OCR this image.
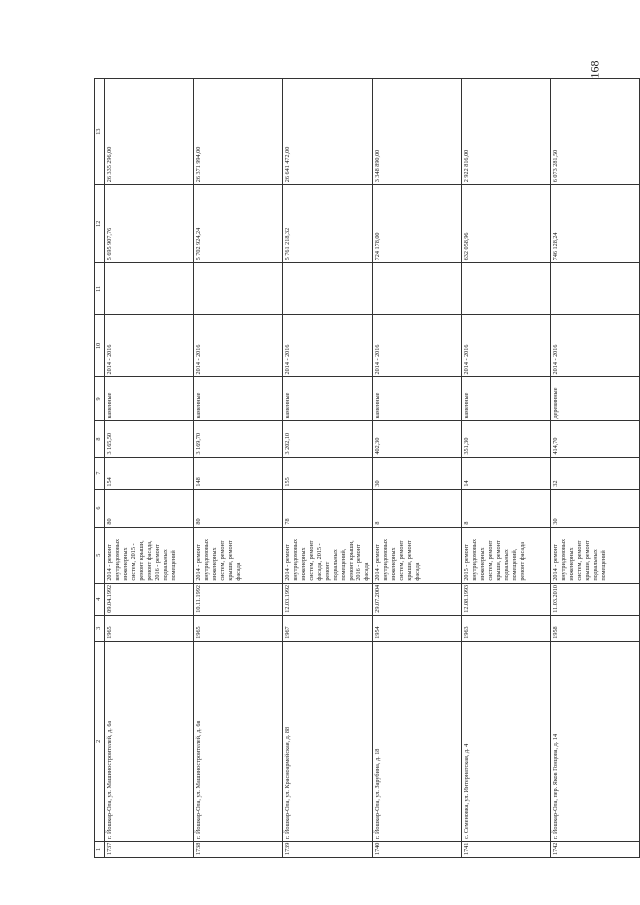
168
1	2	3	4	5	6	7	8	9	10	11	12	13
1737	г. Йошкар-Ола, ул. Машиностроителей, д. 6а	1965	09.04.1992	2014 - ремонт внутридомовых инженерных систем, 2015 - ремонт крыши, ремонт фасада, 2016 - ремонт подвальных помещений	80	154	3 165,50	каменные	2014 - 2016		5 695 907,76	26 335 296,00
1738	г. Йошкар-Ола, ул. Машиностроителей, д. 6в	1965	10.11.1992	2014 - ремонт внутридомовых инженерных систем, ремонт крыши, ремонт фасада	80	148	3 169,70	каменные	2014 - 2016		5 702 924,24	26 371 994,00
1739	г. Йошкар-Ола, ул. Красноармейская, д. 88	1967	12.03.1992	2014 - ремонт внутридомовых инженерных систем, ремонт фасада, 2015 - ремонт подвальных помещений, ремонт крыши, 2016 - ремонт фасада	78	155	3 202,10	каменные	2014 - 2016		5 761 218,32	26 641 472,00
1740	г. Йошкар-Ола, ул. Зарубина, д. 18	1954	29.07.2004	2014 - ремонт внутридомовых инженерных систем, ремонт крыши, ремонт фасада	8	30	402,30	каменные	2014 - 2016		724 178,00	3 348 890,00
1741	с. Семеновка, ул. Интернатская, д. 4	1963	12.08.1993	2015 - ремонт внутридомовых инженерных систем, ремонт крыши, ремонт подвальных помещений, ремонт фасада	8	14	351,30	каменные	2014 - 2016		632 058,96	2 922 816,00
1742	г. Йошкар-Ола, пер. Яков Гонцова, д. 14	1958	11.03.2010	2014 - ремонт внутридомовых инженерных систем, ремонт крыши, ремонт подвальных помещений	30	32	414,70	деревянные	2014 - 2016		746 128,24	6 073 281,50
